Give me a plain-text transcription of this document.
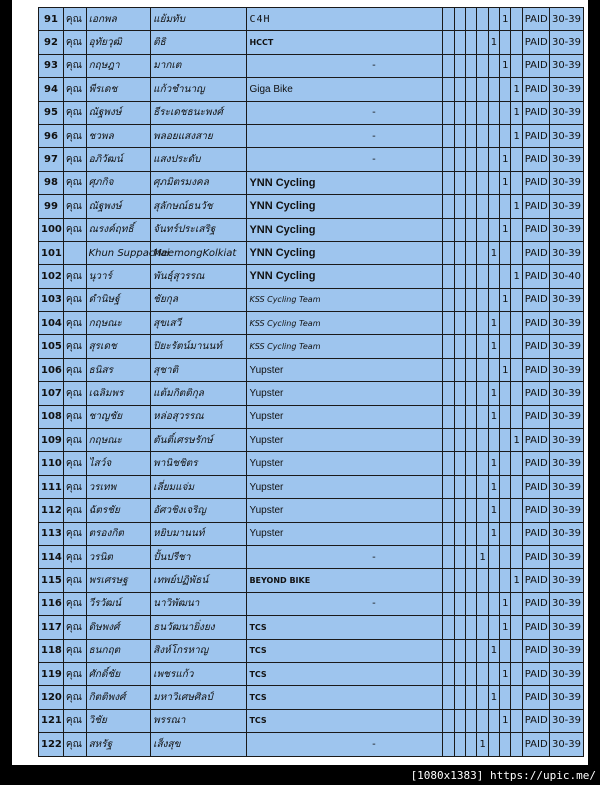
91	คุณ	เอกพล	แย้มทับ	C4H						1		PAID	30-39
92	คุณ	อุทัยวุฒิ	ติธิ	HCCT					1			PAID	30-39
93	คุณ	กฤษฎา	มากเต	-						1		PAID	30-39
94	คุณ	พีรเดช	แก้วชำนาญ	Giga Bike							1	PAID	30-39
95	คุณ	ณัฐพงษ์	ธีระเดชธนะพงศ์	-							1	PAID	30-39
96	คุณ	ชวพล	พลอยแสงสาย	-							1	PAID	30-39
97	คุณ	อภิวัฒน์	แสงประดับ	-						1		PAID	30-39
98	คุณ	ศุภกิจ	ศุภมิตรมงคล	YNN Cycling						1		PAID	30-39
99	คุณ	ณัฐพงษ์	สุลักษณ์ธนวัช	YNN Cycling							1	PAID	30-39
100	คุณ	ณรงค์ฤทธิ์	จันทร์ประเสริฐ	YNN Cycling						1		PAID	30-39
101		Khun Suppachai	MeemongKolkiat	YNN Cycling					1			PAID	30-39
102	คุณ	นุวาร์	พันธุ์สุวรรณ	YNN Cycling							1	PAID	30-40
103	คุณ	ดำนิษฐ์	ชัยกุล	KSS Cycling Team						1		PAID	30-39
104	คุณ	กฤษณะ	สุขเสวี	KSS Cycling Team					1			PAID	30-39
105	คุณ	สุรเดช	ปิยะรัตน์มานนท์	KSS Cycling Team					1			PAID	30-39
106	คุณ	ธนิสร	สุชาติ	Yupster						1		PAID	30-39
107	คุณ	เฉลิมพร	แต้มกิตติกุล	Yupster					1			PAID	30-39
108	คุณ	ชาญชัย	หล่อสุวรรณ	Yupster					1			PAID	30-39
109	คุณ	กฤษณะ	ตันติ์เศรษรักษ์	Yupster							1	PAID	30-39
110	คุณ	ไสว์จ	พานิชชิตร	Yupster					1			PAID	30-39
111	คุณ	วรเทพ	เลี่ยมแจ่ม	Yupster					1			PAID	30-39
112	คุณ	ฉัตรชัย	อัศวชิงเจริญ	Yupster					1			PAID	30-39
113	คุณ	ตรองกิต	หยิบมานนท์	Yupster					1			PAID	30-39
114	คุณ	วรนิต	ปั้นปรีชา	-				1				PAID	30-39
115	คุณ	พรเศรษฐ	เทพย์ปฏิพัธน์	BEYOND BIKE							1	PAID	30-39
116	คุณ	วีรวัฒน์	นาวิพัฒนา	-						1		PAID	30-39
117	คุณ	ดิษพงศ์	ธนวัฒนายิ่งยง	TCS						1		PAID	30-39
118	คุณ	ธนกฤต	สิงห์โกรหาญ	TCS					1			PAID	30-39
119	คุณ	ศักดิ์ชัย	เพชรแก้ว	TCS						1		PAID	30-39
120	คุณ	กิตติพงศ์	มหาวิเศษศิลป์	TCS					1			PAID	30-39
121	คุณ	วิชัย	พรรณา	TCS						1		PAID	30-39
122	คุณ	สหรัฐ	เส็งสุข	-				1				PAID	30-39
[1080x1383] https://upic.me/
